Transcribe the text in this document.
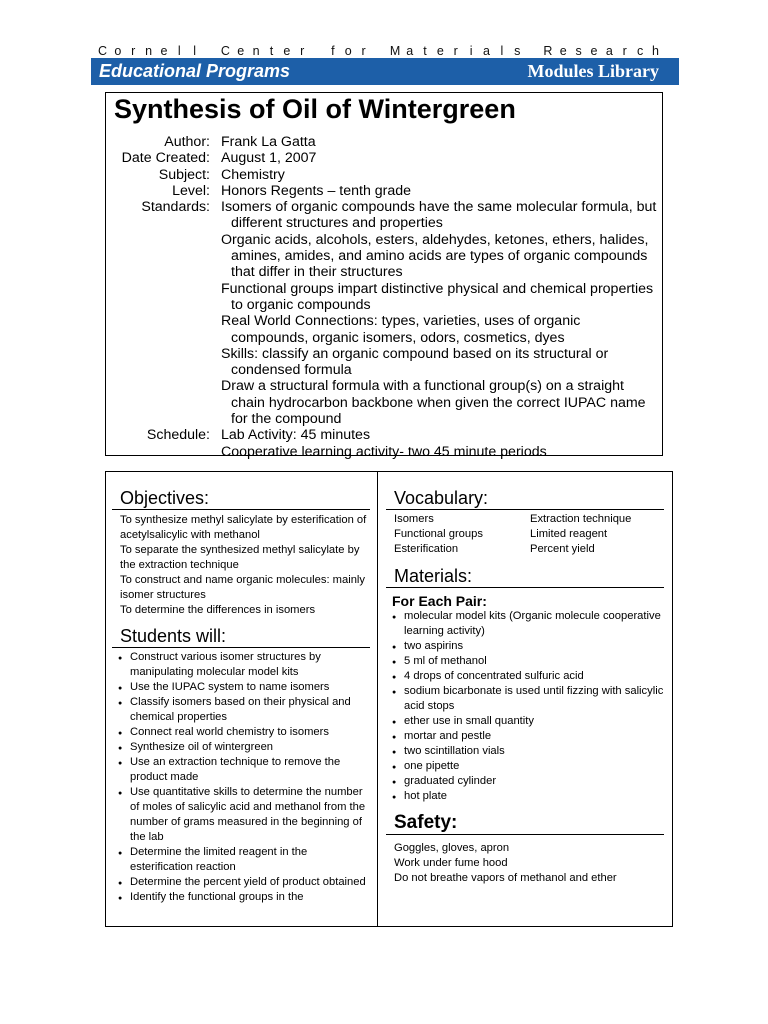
C o r n e l l C e n t e r f o r M a t e r i a l s R e s e a r c h
Educational Programs	Modules Library
Synthesis of Oil of Wintergreen
Author: Frank La Gatta
Date Created: August 1, 2007
Subject: Chemistry
Level: Honors Regents – tenth grade
Standards: Isomers of organic compounds have the same molecular formula, but different structures and properties
Organic acids, alcohols, esters, aldehydes, ketones, ethers, halides, amines, amides, and amino acids are types of organic compounds that differ in their structures
Functional groups impart distinctive physical and chemical properties to organic compounds
Real World Connections: types, varieties, uses of organic compounds, organic isomers, odors, cosmetics, dyes
Skills: classify an organic compound based on its structural or condensed formula
Draw a structural formula with a functional group(s) on a straight chain hydrocarbon backbone when given the correct IUPAC name for the compound
Schedule: Lab Activity: 45 minutes
Cooperative learning activity- two 45 minute periods
Objectives:
To synthesize methyl salicylate by esterification of acetylsalicylic with methanol
To separate the synthesized methyl salicylate by the extraction technique
To construct and name organic molecules: mainly isomer structures
To determine the differences in isomers
Students will:
● Construct various isomer structures by manipulating molecular model kits
● Use the IUPAC system to name isomers
● Classify isomers based on their physical and chemical properties
● Connect real world chemistry to isomers
● Synthesize oil of wintergreen
● Use an extraction technique to remove the product made
● Use quantitative skills to determine the number of moles of salicylic acid and methanol from the number of grams measured in the beginning of the lab
● Determine the limited reagent in the esterification reaction
● Determine the percent yield of product obtained
● Identify the functional groups in the
Vocabulary:
Isomers	Extraction technique
Functional groups	Limited reagent
Esterification	Percent yield
Materials:
For Each Pair:
● molecular model kits (Organic molecule cooperative learning activity)
● two aspirins
● 5 ml of methanol
● 4 drops of concentrated sulfuric acid
● sodium bicarbonate is used until fizzing with salicylic acid stops
● ether use in small quantity
● mortar and pestle
● two scintillation vials
● one pipette
● graduated cylinder
● hot plate
Safety:
Goggles, gloves, apron
Work under fume hood
Do not breathe vapors of methanol and ether
